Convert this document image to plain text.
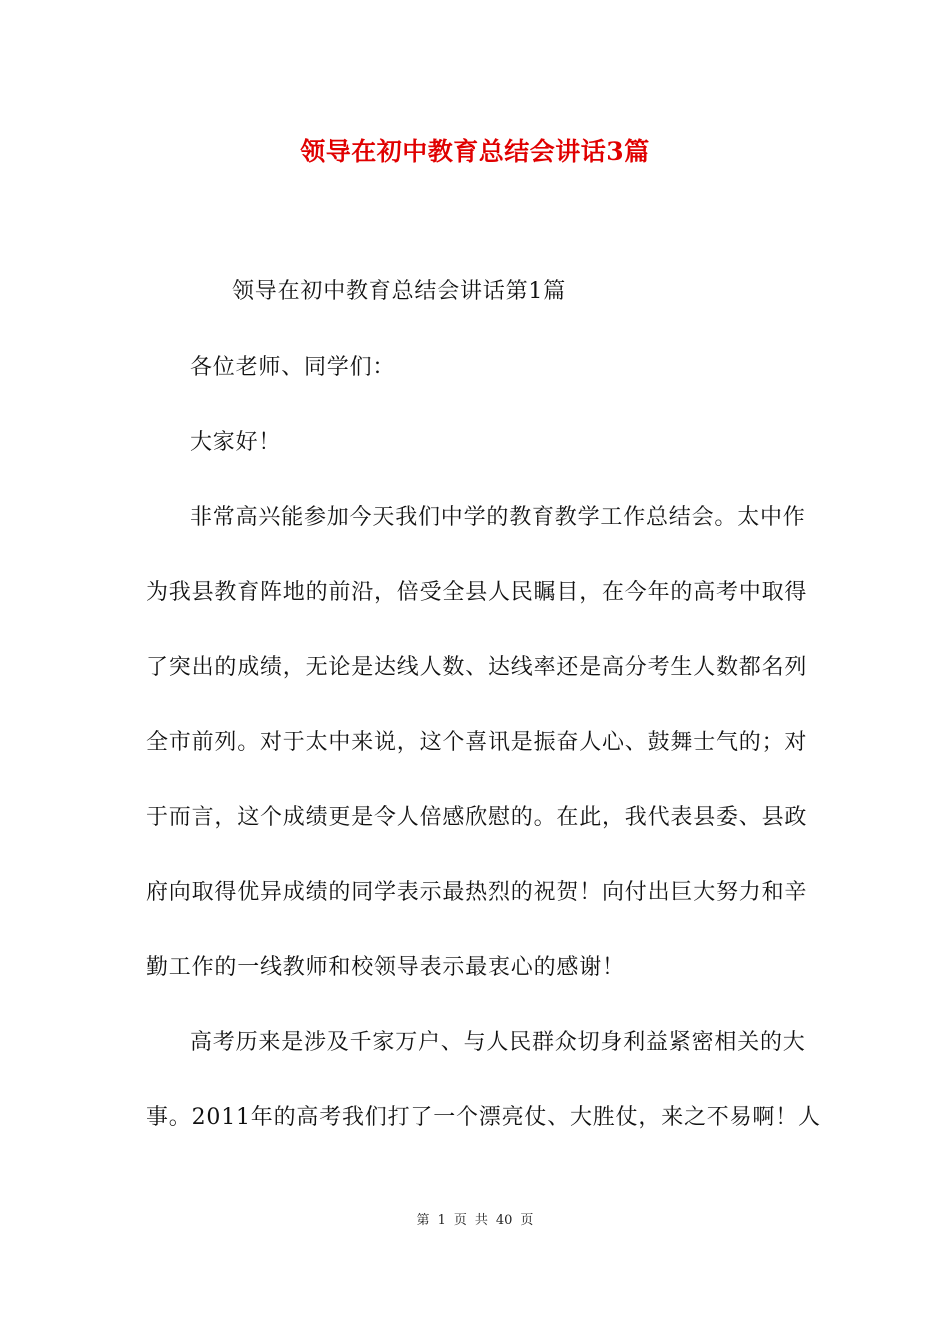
领导在初中教育总结会讲话3篇
领导在初中教育总结会讲话第1篇
各位老师、同学们：
大家好！
非常高兴能参加今天我们中学的教育教学工作总结会。太中作
为我县教育阵地的前沿，倍受全县人民瞩目，在今年的高考中取得
了突出的成绩，无论是达线人数、达线率还是高分考生人数都名列
全市前列。对于太中来说，这个喜讯是振奋人心、鼓舞士气的；对
于而言，这个成绩更是令人倍感欣慰的。在此，我代表县委、县政
府向取得优异成绩的同学表示最热烈的祝贺！向付出巨大努力和辛
勤工作的一线教师和校领导表示最衷心的感谢！
高考历来是涉及千家万户、与人民群众切身利益紧密相关的大
事。2011年的高考我们打了一个漂亮仗、大胜仗，来之不易啊！人
第 1 页 共 40 页
